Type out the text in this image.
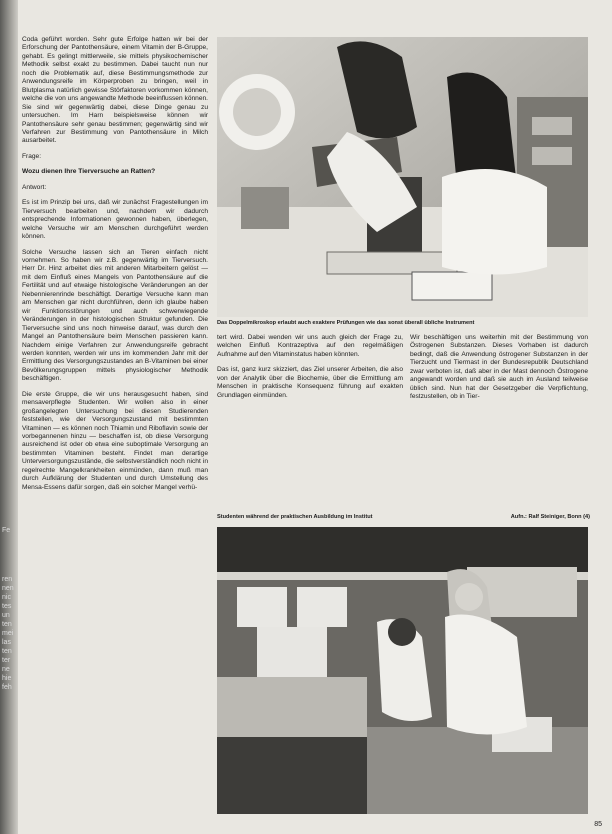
Fe
ren
nen
nic
tes
un
ten
mei
las
ten
ter
ne
hie
feh

Coda geführt worden. Sehr gute Erfolge hatten wir bei der Erforschung der Pantothensäure, einem Vitamin der B-Gruppe, gehabt. Es gelingt mittlerweile, sie mittels physikochemischer Methodik selbst exakt zu bestimmen. Dabei taucht nun nur noch die Problematik auf, diese Bestimmungsmethode zur Anwendungsreife im Körperproben zu bringen, weil in Blutplasma natürlich gewisse Störfaktoren vorkommen können, welche die von uns angewandte Methode beeinflussen können. Sie sind wir gegenwärtig dabei, diese Dinge genau zu untersuchen. Im Harn beispielsweise können wir Pantothensäure sehr genau bestimmen; gegenwärtig sind wir Verfahren zur Bestimmung von Pantothensäure in Milch ausarbeitet.

Frage:

Wozu dienen Ihre Tierversuche an Ratten?

Antwort:

Es ist im Prinzip bei uns, daß wir zunächst Fragestellungen im Tierversuch bearbeiten und, nachdem wir dadurch entsprechende Informationen gewonnen haben, überlegen, welche Versuche wir am Menschen durchgeführt werden können.

Solche Versuche lassen sich an Tieren einfach nicht vornehmen. So haben wir z.B. gegenwärtig im Tierversuch. Herr Dr. Hinz arbeitet dies mit anderen Mitarbeitern gelöst — mit dem Einfluß eines Mangels von Pantothensäure auf die Fertilität und auf etwaige histologische Veränderungen an der Nebennierenrinde beschäftigt. Derartige Versuche kann man am Menschen gar nicht durchführen, denn ich glaube haben wir Funktionsstörungen und auch schwerwiegende Veränderungen in der histologischen Struktur gefunden. Die Tierversuche sind uns noch hinweise darauf, was durch den Mangel an Pantothensäure beim Menschen passieren kann. Nachdem einige Verfahren zur Anwendungsreife gebracht werden konnten, werden wir uns im kommenden Jahr mit der Ermittlung des Versorgungszustandes an B-Vitaminen bei einer Bevölkerungsgruppen mittels physiologischer Methodik beschäftigen.

Die erste Gruppe, die wir uns herausgesucht haben, sind mensaverpflegte Studenten. Wir wollen also in einer großangelegten Untersuchung bei diesen Studierenden feststellen, wie der Versorgungszustand mit bestimmten Vitaminen — es können noch Thiamin und Riboflavin sowie der vorbegannenen hinzu — beschaffen ist, ob diese Versorgung ausreichend ist oder ob etwa eine suboptimale Versorgung an bestimmten Vitaminen besteht. Findet man derartige Unterversorgungszustände, die selbstverständlich noch nicht in regelrechte Mangelkrankheiten einmünden, dann muß man durch Aufklärung der Studenten und durch Umstellung des Mensa-Essens dafür sorgen, daß ein solcher Mangel verhü-

Das Doppelmikroskop erlaubt auch exaktere Prüfungen wie das sonst überall übliche Instrument

tert wird. Dabei wenden wir uns auch gleich der Frage zu, welchen Einfluß Kontrazeptiva auf den regelmäßigen Aufnahme auf den Vitaminstatus haben könnten.

Das ist, ganz kurz skizziert, das Ziel unserer Arbeiten, die also von der Analytik über die Biochemie, über die Ermittlung am Menschen in praktische Konsequenz führung auf exakten Grundlagen einmünden.

Wir beschäftigen uns weiterhin mit der Bestimmung von Östrogenen Substanzen. Dieses Vorhaben ist dadurch bedingt, daß die Anwendung östrogener Substanzen in der Tierzucht und Tiermast in der Bundesrepublik Deutschland zwar verboten ist, daß aber in der Mast dennoch Östrogene angewandt worden und daß sie auch im Ausland teilweise üblich sind. Nun hat der Gesetzgeber die Verpflichtung, festzustellen, ob in Tier-

Studenten während der praktischen Ausbildung im Institut	Aufn.: Ralf Steiniger, Bonn (4)
85
